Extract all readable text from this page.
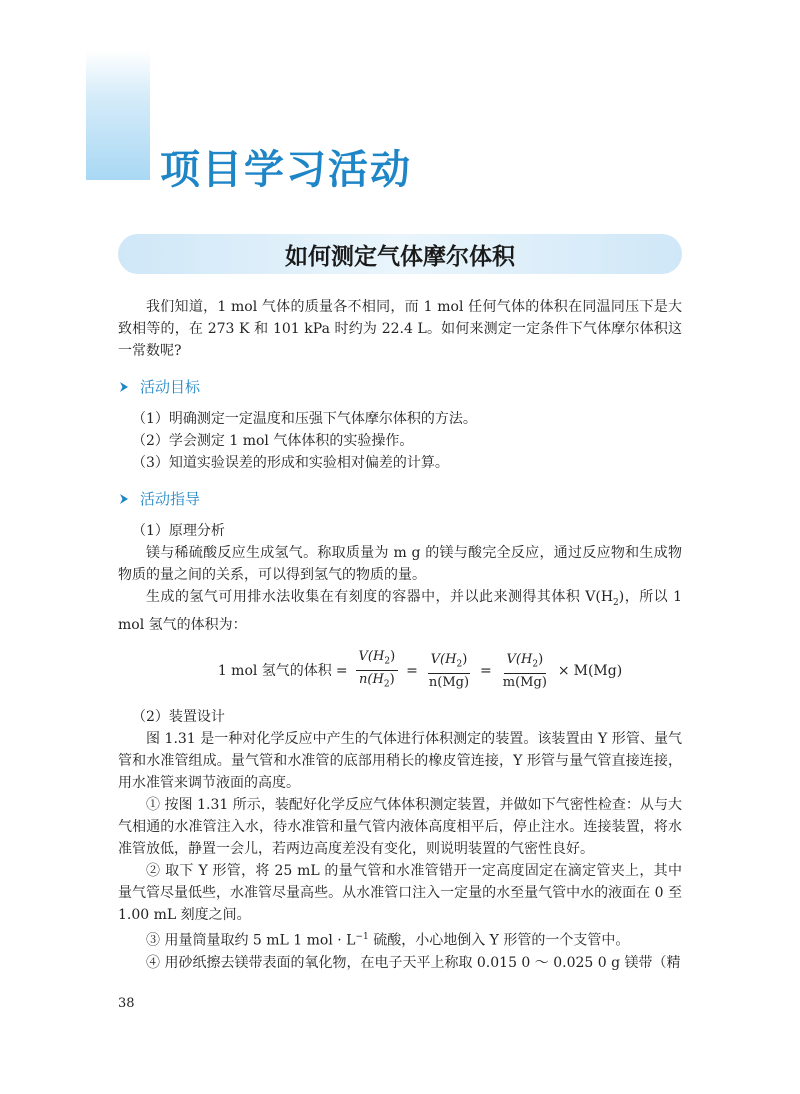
项目学习活动
如何测定气体摩尔体积

我们知道，1 mol 气体的质量各不相同，而 1 mol 任何气体的体积在同温同压下是大致相等的，在 273 K 和 101 kPa 时约为 22.4 L。如何来测定一定条件下气体摩尔体积这一常数呢?

活动目标

（1）明确测定一定温度和压强下气体摩尔体积的方法。

（2）学会测定 1 mol 气体体积的实验操作。

（3）知道实验误差的形成和实验相对偏差的计算。

活动指导

（1）原理分析

镁与稀硫酸反应生成氢气。称取质量为 m g 的镁与酸完全反应，通过反应物和生成物物质的量之间的关系，可以得到氢气的物质的量。

生成的氢气可用排水法收集在有刻度的容器中，并以此来测得其体积 $V(H_2)$，所以 1 mol 氢气的体积为：

1 mol 氢气的体积 = $\frac{V(H_2)}{n(H_2)} = \frac{V(H_2)}{n(Mg)} = \frac{V(H_2)}{m(Mg)} \times M(Mg)$

（2）装置设计

图 1.31 是一种对化学反应中产生的气体进行体积测定的装置。该装置由 Y 形管、量气管和水准管组成。量气管和水准管的底部用稍长的橡皮管连接，Y 形管与量气管直接连接，用水准管来调节液面的高度。

① 按图 1.31 所示，装配好化学反应气体体积测定装置，并做如下气密性检查：从与大气相通的水准管注入水，待水准管和量气管内液体高度相平后，停止注水。连接装置，将水准管放低，静置一会儿，若两边高度差没有变化，则说明装置的气密性良好。

② 取下 Y 形管，将 25 mL 的量气管和水准管错开一定高度固定在滴定管夹上，其中量气管尽量低些，水准管尽量高些。从水准管口注入一定量的水至量气管中水的液面在 0 至 1.00 mL 刻度之间。

③ 用量筒量取约 5 mL 1 mol · $L^{-1}$ 硫酸，小心地倒入 Y 形管的一个支管中。

④ 用砂纸擦去镁带表面的氧化物，在电子天平上称取 0.015 0 ～ 0.025 0 g 镁带（精

38
